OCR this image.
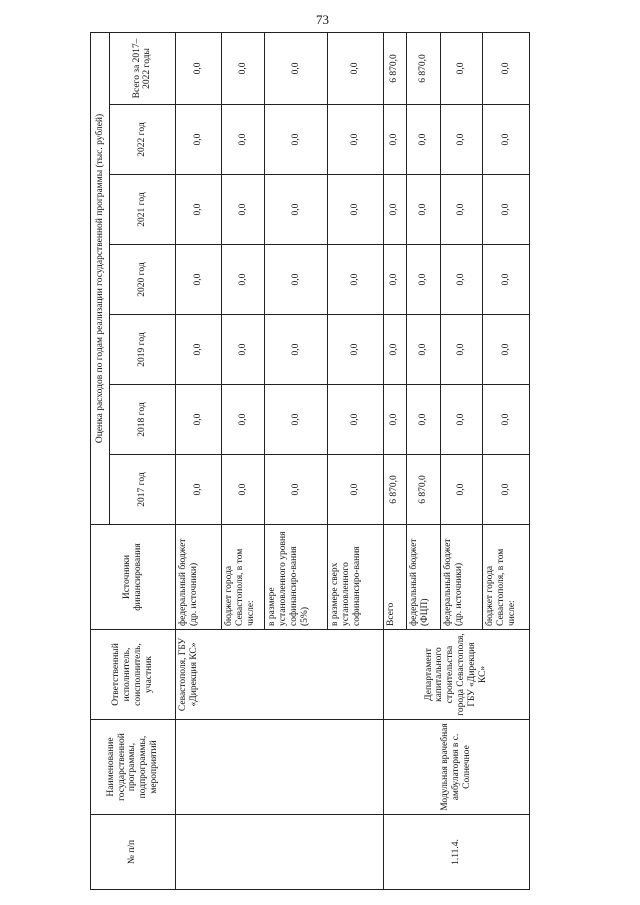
73
№ п/п	Наименование государственной программы, подпрограммы, мероприятий	Ответственный исполнитель, соисполнитель, участник	Источники финансирования	Оценка расходов по годам реализации государственной программы (тыс. рублей)						
				2017 год	2018 год	2019 год	2020 год	2021 год	2022 год	Всего за 2017–2022 годы
		Севастополя, ГБУ «Дирекция КС»	федеральный бюджет (др. источники)	0,0	0,0	0,0	0,0	0,0	0,0	0,0
			бюджет города Севастополя, в том числе:	0,0	0,0	0,0	0,0	0,0	0,0	0,0
			в размере установленного уровня софинансиро-вания (5%)	0,0	0,0	0,0	0,0	0,0	0,0	0,0
			в размере сверх установленного софинансиро-вания	0,0	0,0	0,0	0,0	0,0	0,0	0,0
1.11.4.	Модульная врачебная амбулатория в с. Солнечное	Департамент капитального строительства города Севастополя, ГБУ «Дирекция КС»	Всего	6 870,0	0,0	0,0	0,0	0,0	0,0	6 870,0
			федеральный бюджет (ФЦП)	6 870,0	0,0	0,0	0,0	0,0	0,0	6 870,0
			федеральный бюджет (др. источники)	0,0	0,0	0,0	0,0	0,0	0,0	0,0
			бюджет города Севастополя, в том числе:	0,0	0,0	0,0	0,0	0,0	0,0	0,0
